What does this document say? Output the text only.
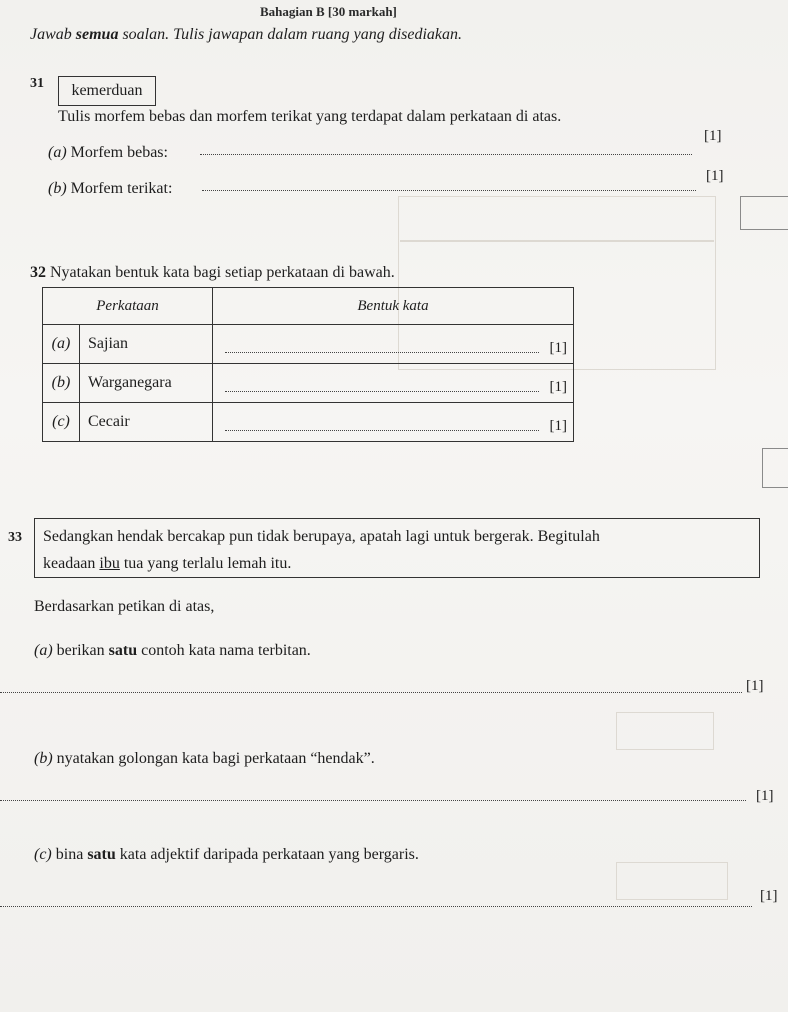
Bahagian B [30 markah]
Jawab semua soalan. Tulis jawapan dalam ruang yang disediakan.
31	kemerduan
Tulis morfem bebas dan morfem terikat yang terdapat dalam perkataan di atas.
(a) Morfem bebas:
[1]
(b) Morfem terikat:
[1]
32 Nyatakan bentuk kata bagi setiap perkataan di bawah.
Perkataan		Bentuk kata
(a)	Sajian	[1]

(b)	Warganegara	[1]

(c)	Cecair	[1]
33 Sedangkan hendak bercakap pun tidak berupaya, apatah lagi untuk bergerak. Begitulah
keadaan ibu tua yang terlalu lemah itu.
Berdasarkan petikan di atas,
(a) berikan satu contoh kata nama terbitan.
[1]
(b) nyatakan golongan kata bagi perkataan “hendak”.
[1]
(c) bina satu kata adjektif daripada perkataan yang bergaris.
[1]
